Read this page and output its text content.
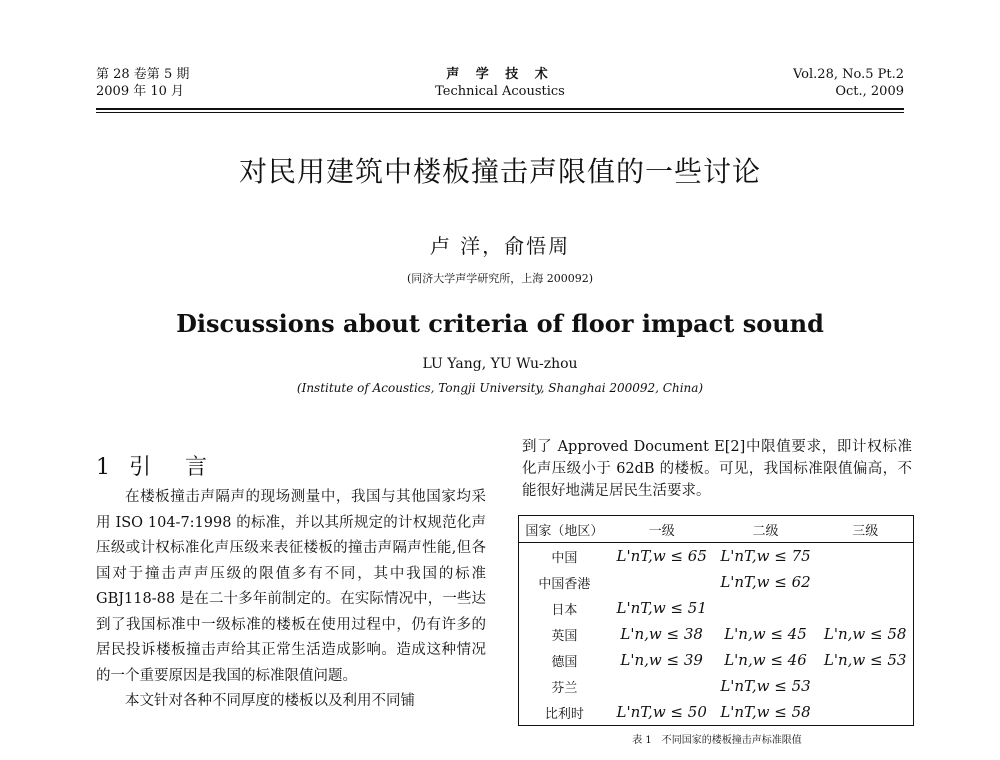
第 28 卷第 5 期
2009 年 10 月
声 学 技 术
Technical Acoustics
Vol.28, No.5 Pt.2
Oct., 2009
对民用建筑中楼板撞击声限值的一些讨论
卢 洋，俞悟周
(同济大学声学研究所，上海 200092)
Discussions about criteria of floor impact sound
LU Yang, YU Wu-zhou
(Institute of Acoustics, Tongji University, Shanghai 200092, China)
1 引　言

在楼板撞击声隔声的现场测量中，我国与其他国家均采用 ISO 104-7:1998 的标准，并以其所规定的计权规范化声压级或计权标准化声压级来表征楼板的撞击声隔声性能,但各国对于撞击声声压级的限值多有不同，其中我国的标准 GBJ118-88 是在二十多年前制定的。在实际情况中，一些达到了我国标准中一级标准的楼板在使用过程中，仍有许多的居民投诉楼板撞击声给其正常生活造成影响。造成这种情况的一个重要原因是我国的标准限值问题。

本文针对各种不同厚度的楼板以及利用不同铺

到了 Approved Document E[2]中限值要求，即计权标准化声压级小于 62dB 的楼板。可见，我国标准限值偏高，不能很好地满足居民生活要求。

国家（地区）	一级	二级	三级
中国	L'nT,w ≤ 65	L'nT,w ≤ 75	
中国香港		L'nT,w ≤ 62	
日本	L'nT,w ≤ 51		
英国	L'n,w ≤ 38	L'n,w ≤ 45	L'n,w ≤ 58
德国	L'n,w ≤ 39	L'n,w ≤ 46	L'n,w ≤ 53
芬兰		L'nT,w ≤ 53	
比利时	L'nT,w ≤ 50	L'nT,w ≤ 58	
表 1　不同国家的楼板撞击声标准限值
